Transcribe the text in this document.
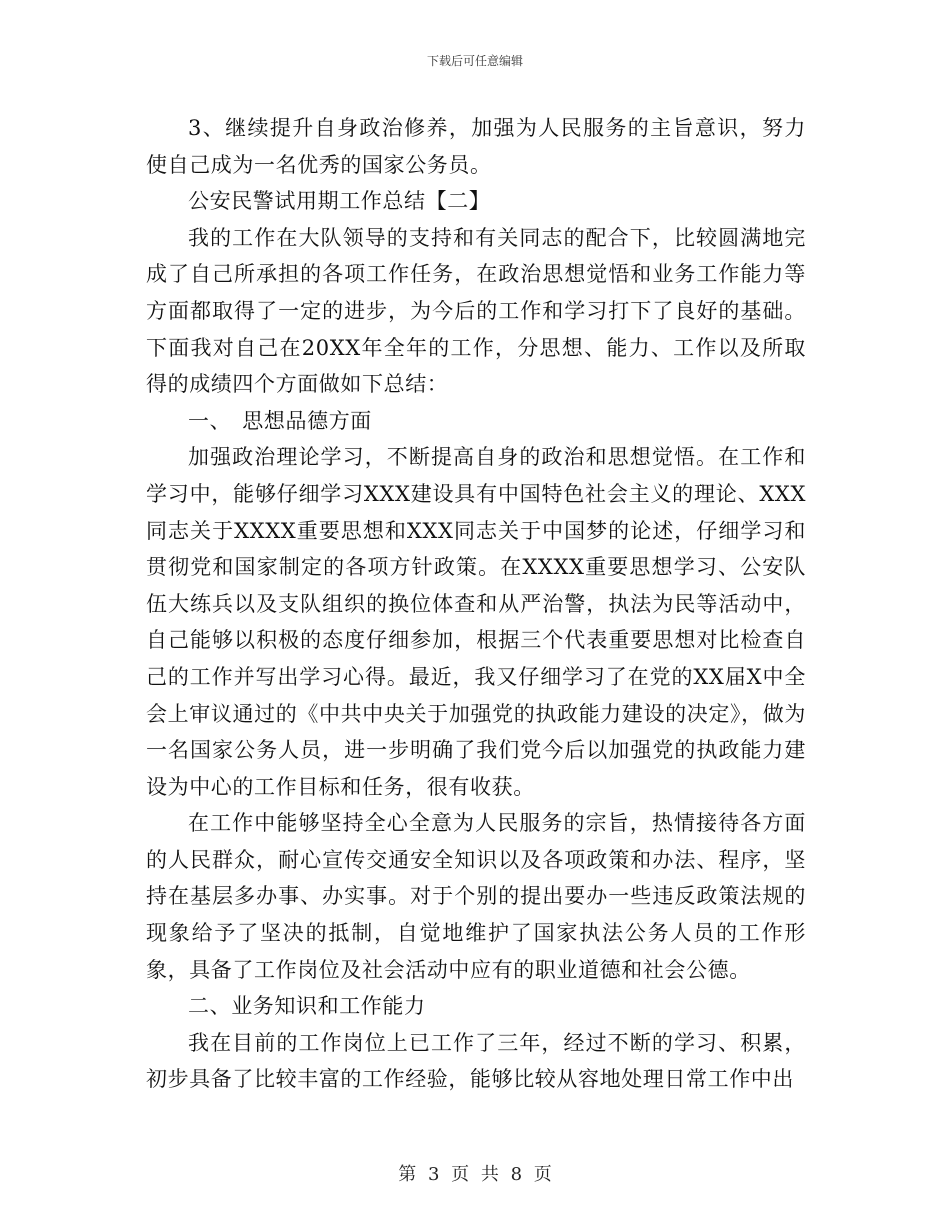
下载后可任意编辑

3、继续提升自身政治修养，加强为人民服务的主旨意识，努力使自己成为一名优秀的国家公务员。

公安民警试用期工作总结【二】

我的工作在大队领导的支持和有关同志的配合下，比较圆满地完成了自己所承担的各项工作任务，在政治思想觉悟和业务工作能力等方面都取得了一定的进步，为今后的工作和学习打下了良好的基础。下面我对自己在20XX年全年的工作，分思想、能力、工作以及所取得的成绩四个方面做如下总结：

一、　思想品德方面

加强政治理论学习，不断提高自身的政治和思想觉悟。在工作和学习中，能够仔细学习XXX建设具有中国特色社会主义的理论、XXX同志关于XXXX重要思想和XXX同志关于中国梦的论述，仔细学习和贯彻党和国家制定的各项方针政策。在XXXX重要思想学习、公安队伍大练兵以及支队组织的换位体查和从严治警，执法为民等活动中，自己能够以积极的态度仔细参加，根据三个代表重要思想对比检查自己的工作并写出学习心得。最近，我又仔细学习了在党的XX届X中全会上审议通过的《中共中央关于加强党的执政能力建设的决定》，做为一名国家公务人员，进一步明确了我们党今后以加强党的执政能力建设为中心的工作目标和任务，很有收获。

在工作中能够坚持全心全意为人民服务的宗旨，热情接待各方面的人民群众，耐心宣传交通安全知识以及各项政策和办法、程序，坚持在基层多办事、办实事。对于个别的提出要办一些违反政策法规的现象给予了坚决的抵制，自觉地维护了国家执法公务人员的工作形象，具备了工作岗位及社会活动中应有的职业道德和社会公德。

二、业务知识和工作能力

我在目前的工作岗位上已工作了三年，经过不断的学习、积累，初步具备了比较丰富的工作经验，能够比较从容地处理日常工作中出

第 3 页 共 8 页
